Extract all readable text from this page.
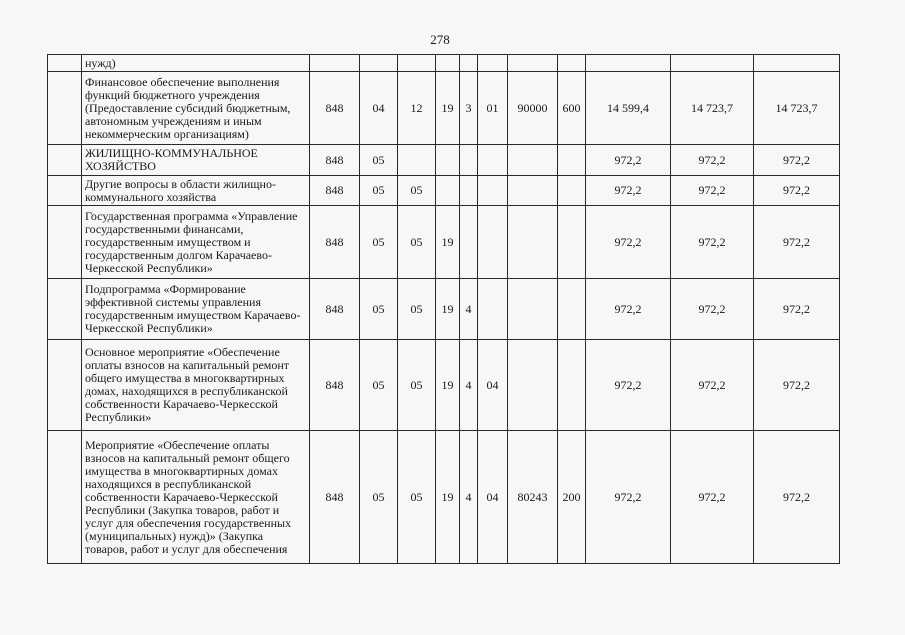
278
	нужд)											
	Финансовое обеспечение выполнения функций бюджетного учреждения (Предоставление субсидий бюджетным, автономным учреждениям и иным некоммерческим организациям)	848	04	12	19	3	01	90000	600	14 599,4	14 723,7	14 723,7
	ЖИЛИЩНО-КОММУНАЛЬНОЕ ХОЗЯЙСТВО	848	05							972,2	972,2	972,2
	Другие вопросы в области жилищно-коммунального хозяйства	848	05	05						972,2	972,2	972,2
	Государственная программа «Управление государственными финансами, государственным имуществом и государственным долгом Карачаево-Черкесской Республики»	848	05	05	19					972,2	972,2	972,2
	Подпрограмма «Формирование эффективной системы управления государственным имуществом Карачаево-Черкесской Республики»	848	05	05	19	4				972,2	972,2	972,2
	Основное мероприятие «Обеспечение оплаты взносов на капитальный ремонт общего имущества в многоквартирных домах, находящихся в республиканской собственности Карачаево-Черкесской Республики»	848	05	05	19	4	04			972,2	972,2	972,2
	Мероприятие «Обеспечение оплаты взносов на капитальный ремонт общего имущества в многоквартирных домах находящихся в республиканской собственности Карачаево-Черкесской Республики (Закупка товаров, работ и услуг для обеспечения государственных (муниципальных) нужд)» (Закупка товаров, работ и услуг для обеспечения	848	05	05	19	4	04	80243	200	972,2	972,2	972,2
